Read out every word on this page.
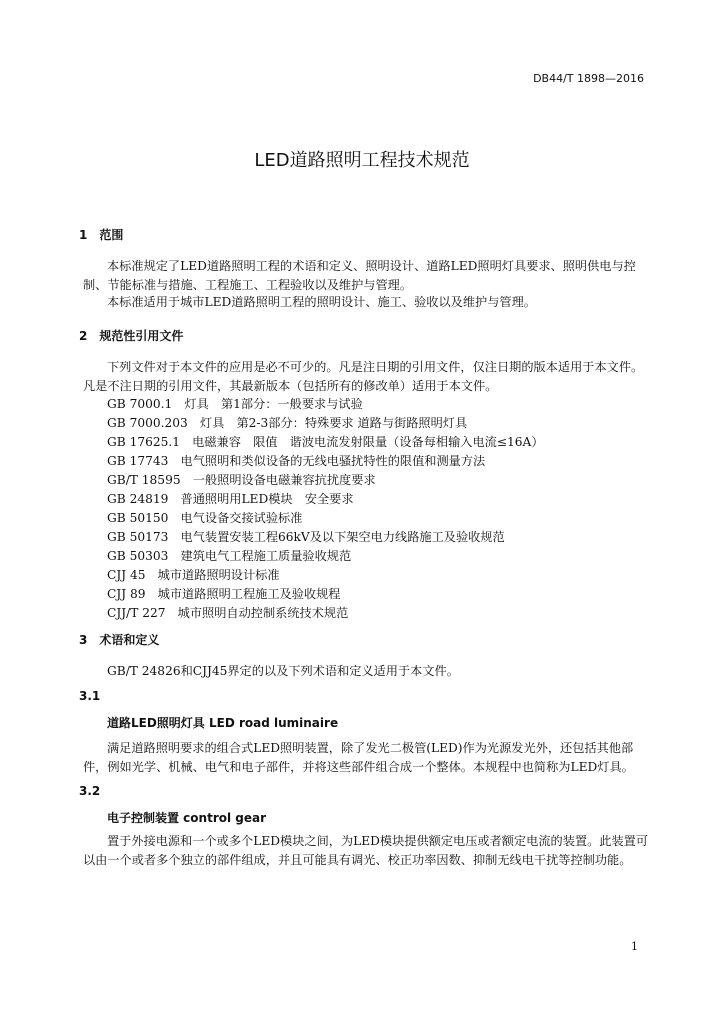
DB44/T 1898—2016
LED道路照明工程技术规范
1　范围
本标准规定了LED道路照明工程的术语和定义、照明设计、道路LED照明灯具要求、照明供电与控制、节能标准与措施、工程施工、工程验收以及维护与管理。
本标准适用于城市LED道路照明工程的照明设计、施工、验收以及维护与管理。
2　规范性引用文件
下列文件对于本文件的应用是必不可少的。凡是注日期的引用文件，仅注日期的版本适用于本文件。凡是不注日期的引用文件，其最新版本（包括所有的修改单）适用于本文件。
GB 7000.1　灯具　第1部分：一般要求与试验
GB 7000.203　灯具　第2-3部分：特殊要求 道路与街路照明灯具
GB 17625.1　电磁兼容　限值　谐波电流发射限量（设备每相输入电流≤16A）
GB 17743　电气照明和类似设备的无线电骚扰特性的限值和测量方法
GB/T 18595　一般照明设备电磁兼容抗扰度要求
GB 24819　普通照明用LED模块　安全要求
GB 50150　电气设备交接试验标准
GB 50173　电气装置安装工程66kV及以下架空电力线路施工及验收规范
GB 50303　建筑电气工程施工质量验收规范
CJJ 45　城市道路照明设计标准
CJJ 89　城市道路照明工程施工及验收规程
CJJ/T 227　城市照明自动控制系统技术规范
3　术语和定义
GB/T 24826和CJJ45界定的以及下列术语和定义适用于本文件。
3.1
道路LED照明灯具 LED road luminaire
满足道路照明要求的组合式LED照明装置，除了发光二极管(LED)作为光源发光外，还包括其他部件，例如光学、机械、电气和电子部件，并将这些部件组合成一个整体。本规程中也简称为LED灯具。
3.2
电子控制装置 control gear
置于外接电源和一个或多个LED模块之间，为LED模块提供额定电压或者额定电流的装置。此装置可以由一个或者多个独立的部件组成，并且可能具有调光、校正功率因数、抑制无线电干扰等控制功能。
1
